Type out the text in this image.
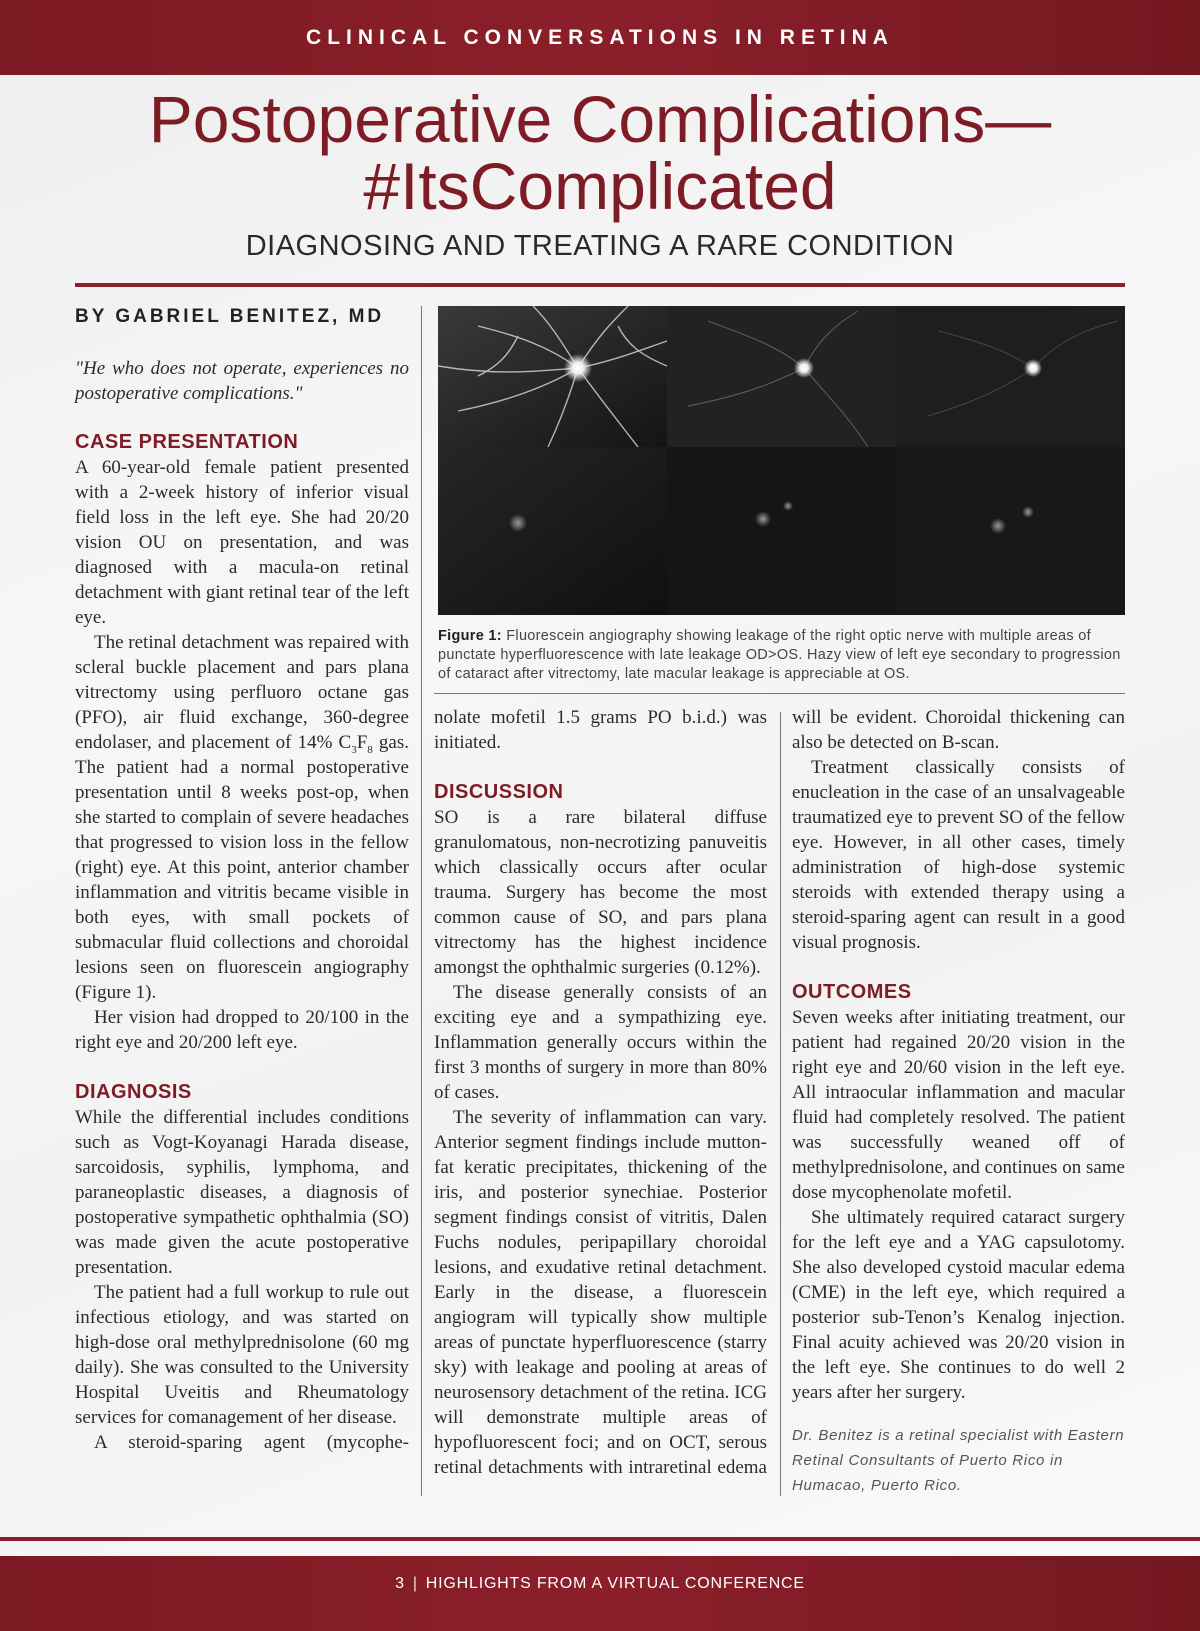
CLINICAL CONVERSATIONS IN RETINA
Postoperative Complications—
#ItsComplicated
DIAGNOSING AND TREATING A RARE CONDITION
BY GABRIEL BENITEZ, MD
"He who does not operate, experiences no postoperative complications."
CASE PRESENTATION

A 60-year-old female patient presented with a 2-week history of inferior visual field loss in the left eye. She had 20/20 vision OU on presentation, and was diagnosed with a macula-on retinal detachment with giant retinal tear of the left eye.

The retinal detachment was repaired with scleral buckle placement and pars plana vitrectomy using perfluoro octane gas (PFO), air fluid exchange, 360-degree endolaser, and placement of 14% $C_3F_8$ gas. The patient had a normal postoperative presentation until 8 weeks post-op, when she started to complain of severe headaches that progressed to vision loss in the fellow (right) eye. At this point, anterior chamber inflammation and vitritis became visible in both eyes, with small pockets of submacular fluid collections and choroidal lesions seen on fluorescein angiography (Figure 1).

Her vision had dropped to 20/100 in the right eye and 20/200 left eye.

DIAGNOSIS

While the differential includes conditions such as Vogt-Koyanagi Harada disease, sarcoidosis, syphilis, lymphoma, and paraneoplastic diseases, a diagnosis of postoperative sympathetic ophthalmia (SO) was made given the acute postoperative presentation.

The patient had a full workup to rule out infectious etiology, and was started on high-dose oral methylprednisolone (60 mg daily). She was consulted to the University Hospital Uveitis and Rheumatology services for comanagement of her disease.

A steroid-sparing agent (mycophe-

Figure 1: Fluorescein angiography showing leakage of the right optic nerve with multiple areas of punctate hyperfluorescence with late leakage OD>OS. Hazy view of left eye secondary to progression of cataract after vitrectomy, late macular leakage is appreciable at OS.

nolate mofetil 1.5 grams PO b.i.d.) was initiated.

DISCUSSION

SO is a rare bilateral diffuse granulomatous, non-necrotizing panuveitis which classically occurs after ocular trauma. Surgery has become the most common cause of SO, and pars plana vitrectomy has the highest incidence amongst the ophthalmic surgeries (0.12%).

The disease generally consists of an exciting eye and a sympathizing eye. Inflammation generally occurs within the first 3 months of surgery in more than 80% of cases.

The severity of inflammation can vary. Anterior segment findings include mutton-fat keratic precipitates, thickening of the iris, and posterior synechiae. Posterior segment findings consist of vitritis, Dalen Fuchs nodules, peripapillary choroidal lesions, and exudative retinal detachment. Early in the disease, a fluorescein angiogram will typically show multiple areas of punctate hyperfluorescence (starry sky) with leakage and pooling at areas of neurosensory detachment of the retina. ICG will demonstrate multiple areas of hypofluorescent foci; and on OCT, serous retinal detachments with intraretinal edema

will be evident. Choroidal thickening can also be detected on B-scan.

Treatment classically consists of enucleation in the case of an unsalvageable traumatized eye to prevent SO of the fellow eye. However, in all other cases, timely administration of high-dose systemic steroids with extended therapy using a steroid-sparing agent can result in a good visual prognosis.

OUTCOMES

Seven weeks after initiating treatment, our patient had regained 20/20 vision in the right eye and 20/60 vision in the left eye. All intraocular inflammation and macular fluid had completely resolved. The patient was successfully weaned off of methylprednisolone, and continues on same dose mycophenolate mofetil.

She ultimately required cataract surgery for the left eye and a YAG capsulotomy. She also developed cystoid macular edema (CME) in the left eye, which required a posterior sub-Tenon’s Kenalog injection. Final acuity achieved was 20/20 vision in the left eye. She continues to do well 2 years after her surgery.

Dr. Benitez is a retinal specialist with Eastern Retinal Consultants of Puerto Rico in Humacao, Puerto Rico.

3 | HIGHLIGHTS FROM A VIRTUAL CONFERENCE
